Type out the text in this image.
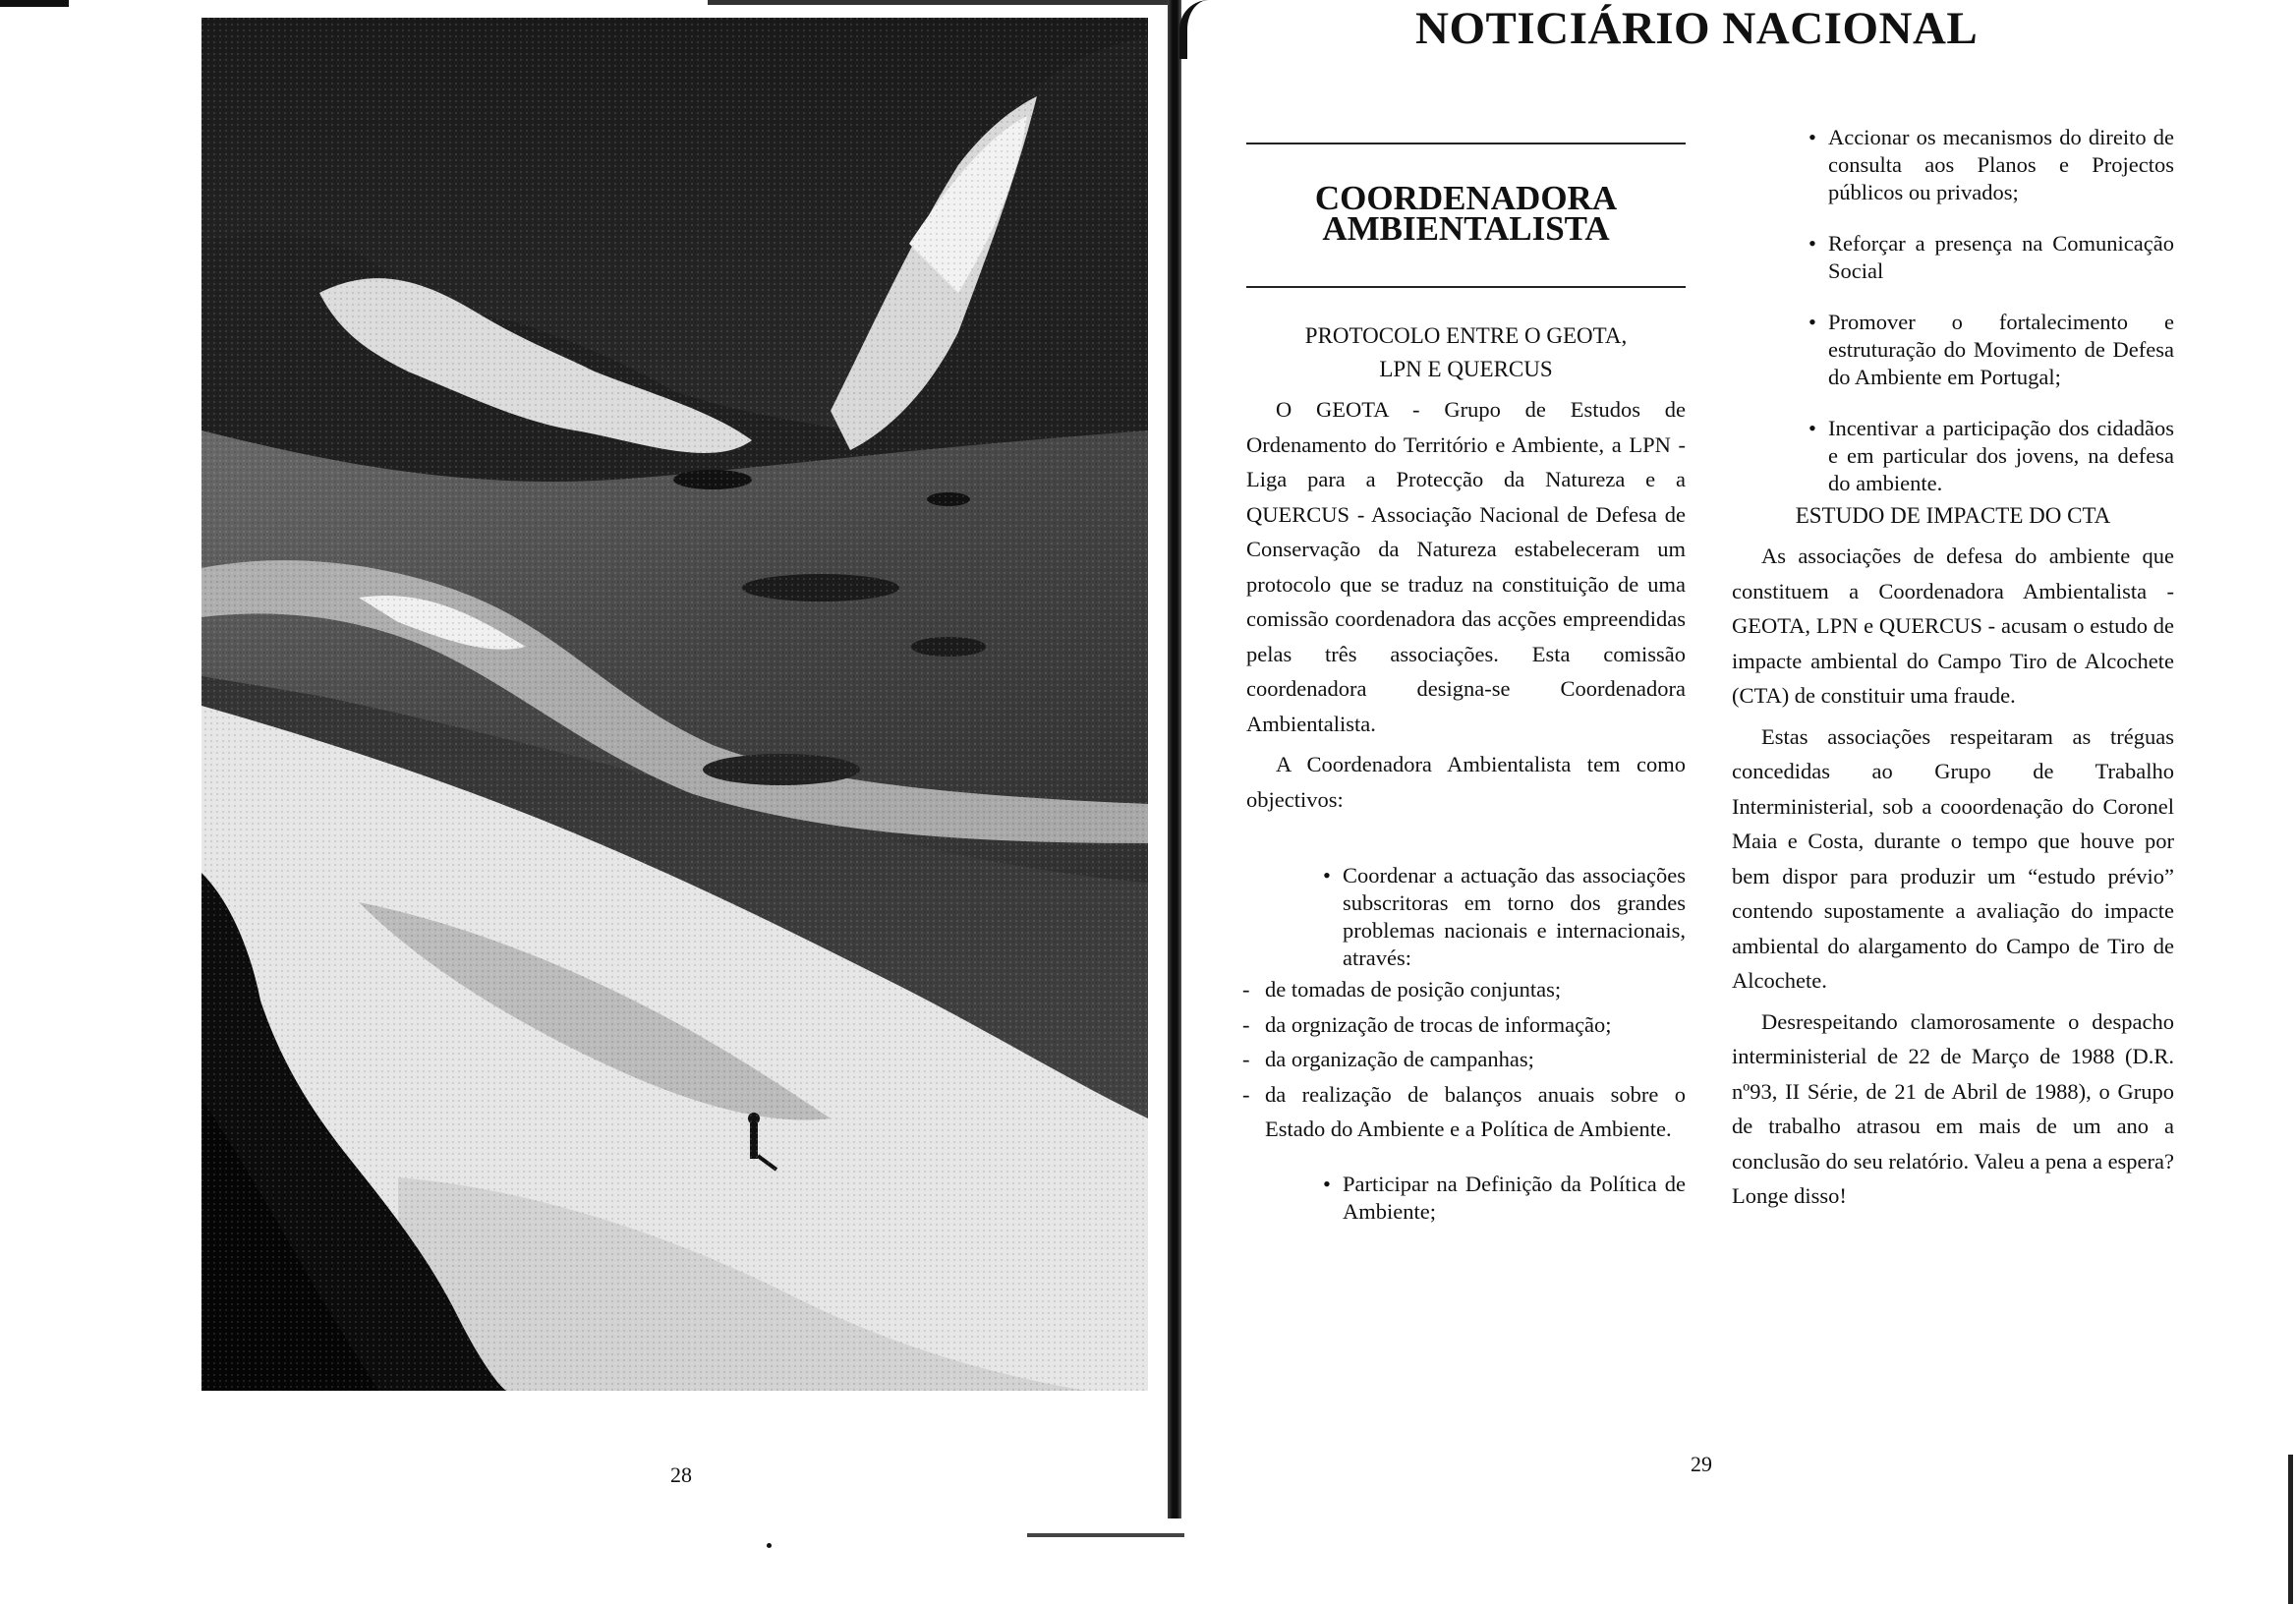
28
NOTICIÁRIO NACIONAL
COORDENADORA
AMBIENTALISTA

PROTOCOLO ENTRE O GEOTA,

LPN E QUERCUS

O GEOTA - Grupo de Estudos de Ordenamento do Território e Ambiente, a LPN - Liga para a Protecção da Natureza e a QUERCUS - Associação Nacional de Defesa de Conservação da Natureza estabeleceram um protocolo que se traduz na constituição de uma comissão coordenadora das acções empreendidas pelas três associações. Esta comissão coordenadora designa-se Coordenadora Ambientalista.

A Coordenadora Ambientalista tem como objectivos:

• Coordenar a actuação das associações subscritoras em torno dos grandes problemas nacionais e internacionais, através:

- de tomadas de posição conjuntas;

- da orgnização de trocas de informação;

- da organização de campanhas;

- da realização de balanços anuais sobre o Estado do Ambiente e a Política de Ambiente.

• Participar na Definição da Política de Ambiente;

• Accionar os mecanismos do direito de consulta aos Planos e Projectos públicos ou privados;

• Reforçar a presença na Comunicação Social

• Promover o fortalecimento e estruturação do Movimento de Defesa do Ambiente em Portugal;

• Incentivar a participação dos cidadãos e em particular dos jovens, na defesa do ambiente.

ESTUDO DE IMPACTE DO CTA

As associações de defesa do ambiente que constituem a Coordenadora Ambientalista - GEOTA, LPN e QUERCUS - acusam o estudo de impacte ambiental do Campo Tiro de Alcochete (CTA) de constituir uma fraude.

Estas associações respeitaram as tréguas concedidas ao Grupo de Trabalho Interministerial, sob a cooordenação do Coronel Maia e Costa, durante o tempo que houve por bem dispor para produzir um “estudo prévio” contendo supostamente a avaliação do impacte ambiental do alargamento do Campo de Tiro de Alcochete.

Desrespeitando clamorosamente o despacho interministerial de 22 de Março de 1988 (D.R. nº93, II Série, de 21 de Abril de 1988), o Grupo de trabalho atrasou em mais de um ano a conclusão do seu relatório. Valeu a pena a espera? Longe disso!

29
